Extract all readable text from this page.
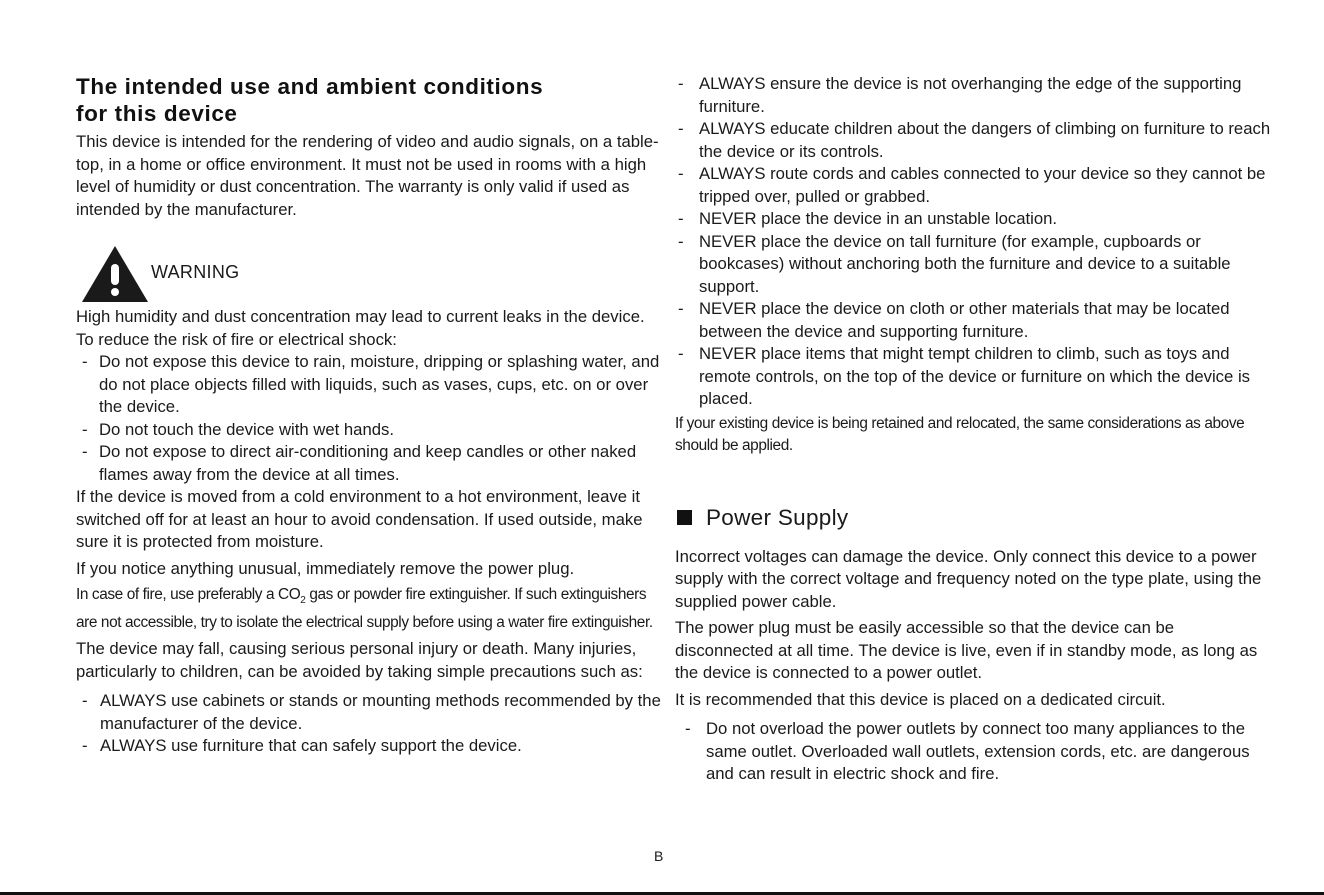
The intended use and ambient conditions
for this device

This device is intended for the rendering of video and audio signals, on a table-top, in a home or office environment. It must not be used in rooms with a high level of humidity or dust concentration. The warranty is only valid if used as intended by the manufacturer.

WARNING

High humidity and dust concentration may lead to current leaks in the device. To reduce the risk of fire or electrical shock:

- Do not expose this device to rain, moisture, dripping or splashing water, and do not place objects filled with liquids, such as vases, cups, etc. on or over the device.
- Do not touch the device with wet hands.
- Do not expose to direct air-conditioning and keep candles or other naked flames away from the device at all times.

If the device is moved from a cold environment to a hot environment, leave it switched off for at least an hour to avoid condensation. If used outside, make sure it is protected from moisture.

If you notice anything unusual, immediately remove the power plug.

In case of fire, use preferably a $CO_2$ gas or powder fire extinguisher. If such extinguishers are not accessible, try to isolate the electrical supply before using a water fire extinguisher.

The device may fall, causing serious personal injury or death. Many injuries, particularly to children, can be avoided by taking simple precautions such as:

- ALWAYS use cabinets or stands or mounting methods recommended by the manufacturer of the device.
- ALWAYS use furniture that can safely support the device.
- ALWAYS ensure the device is not overhanging the edge of the supporting furniture.
- ALWAYS educate children about the dangers of climbing on furniture to reach the device or its controls.
- ALWAYS route cords and cables connected to your device so they cannot be tripped over, pulled or grabbed.
- NEVER place the device in an unstable location.
- NEVER place the device on tall furniture (for example, cupboards or bookcases) without anchoring both the furniture and device to a suitable support.
- NEVER place the device on cloth or other materials that may be located between the device and supporting furniture.
- NEVER place items that might tempt children to climb, such as toys and remote controls, on the top of the device or furniture on which the device is placed.

If your existing device is being retained and relocated, the same considerations as above should be applied.

Power Supply

Incorrect voltages can damage the device. Only connect this device to a power supply with the correct voltage and frequency noted on the type plate, using the supplied power cable.

The power plug must be easily accessible so that the device can be disconnected at all time. The device is live, even if in standby mode, as long as the device is connected to a power outlet.

It is recommended that this device is placed on a dedicated circuit.

- Do not overload the power outlets by connect too many appliances to the same outlet. Overloaded wall outlets, extension cords, etc. are dangerous and can result in electric shock and fire.
B
